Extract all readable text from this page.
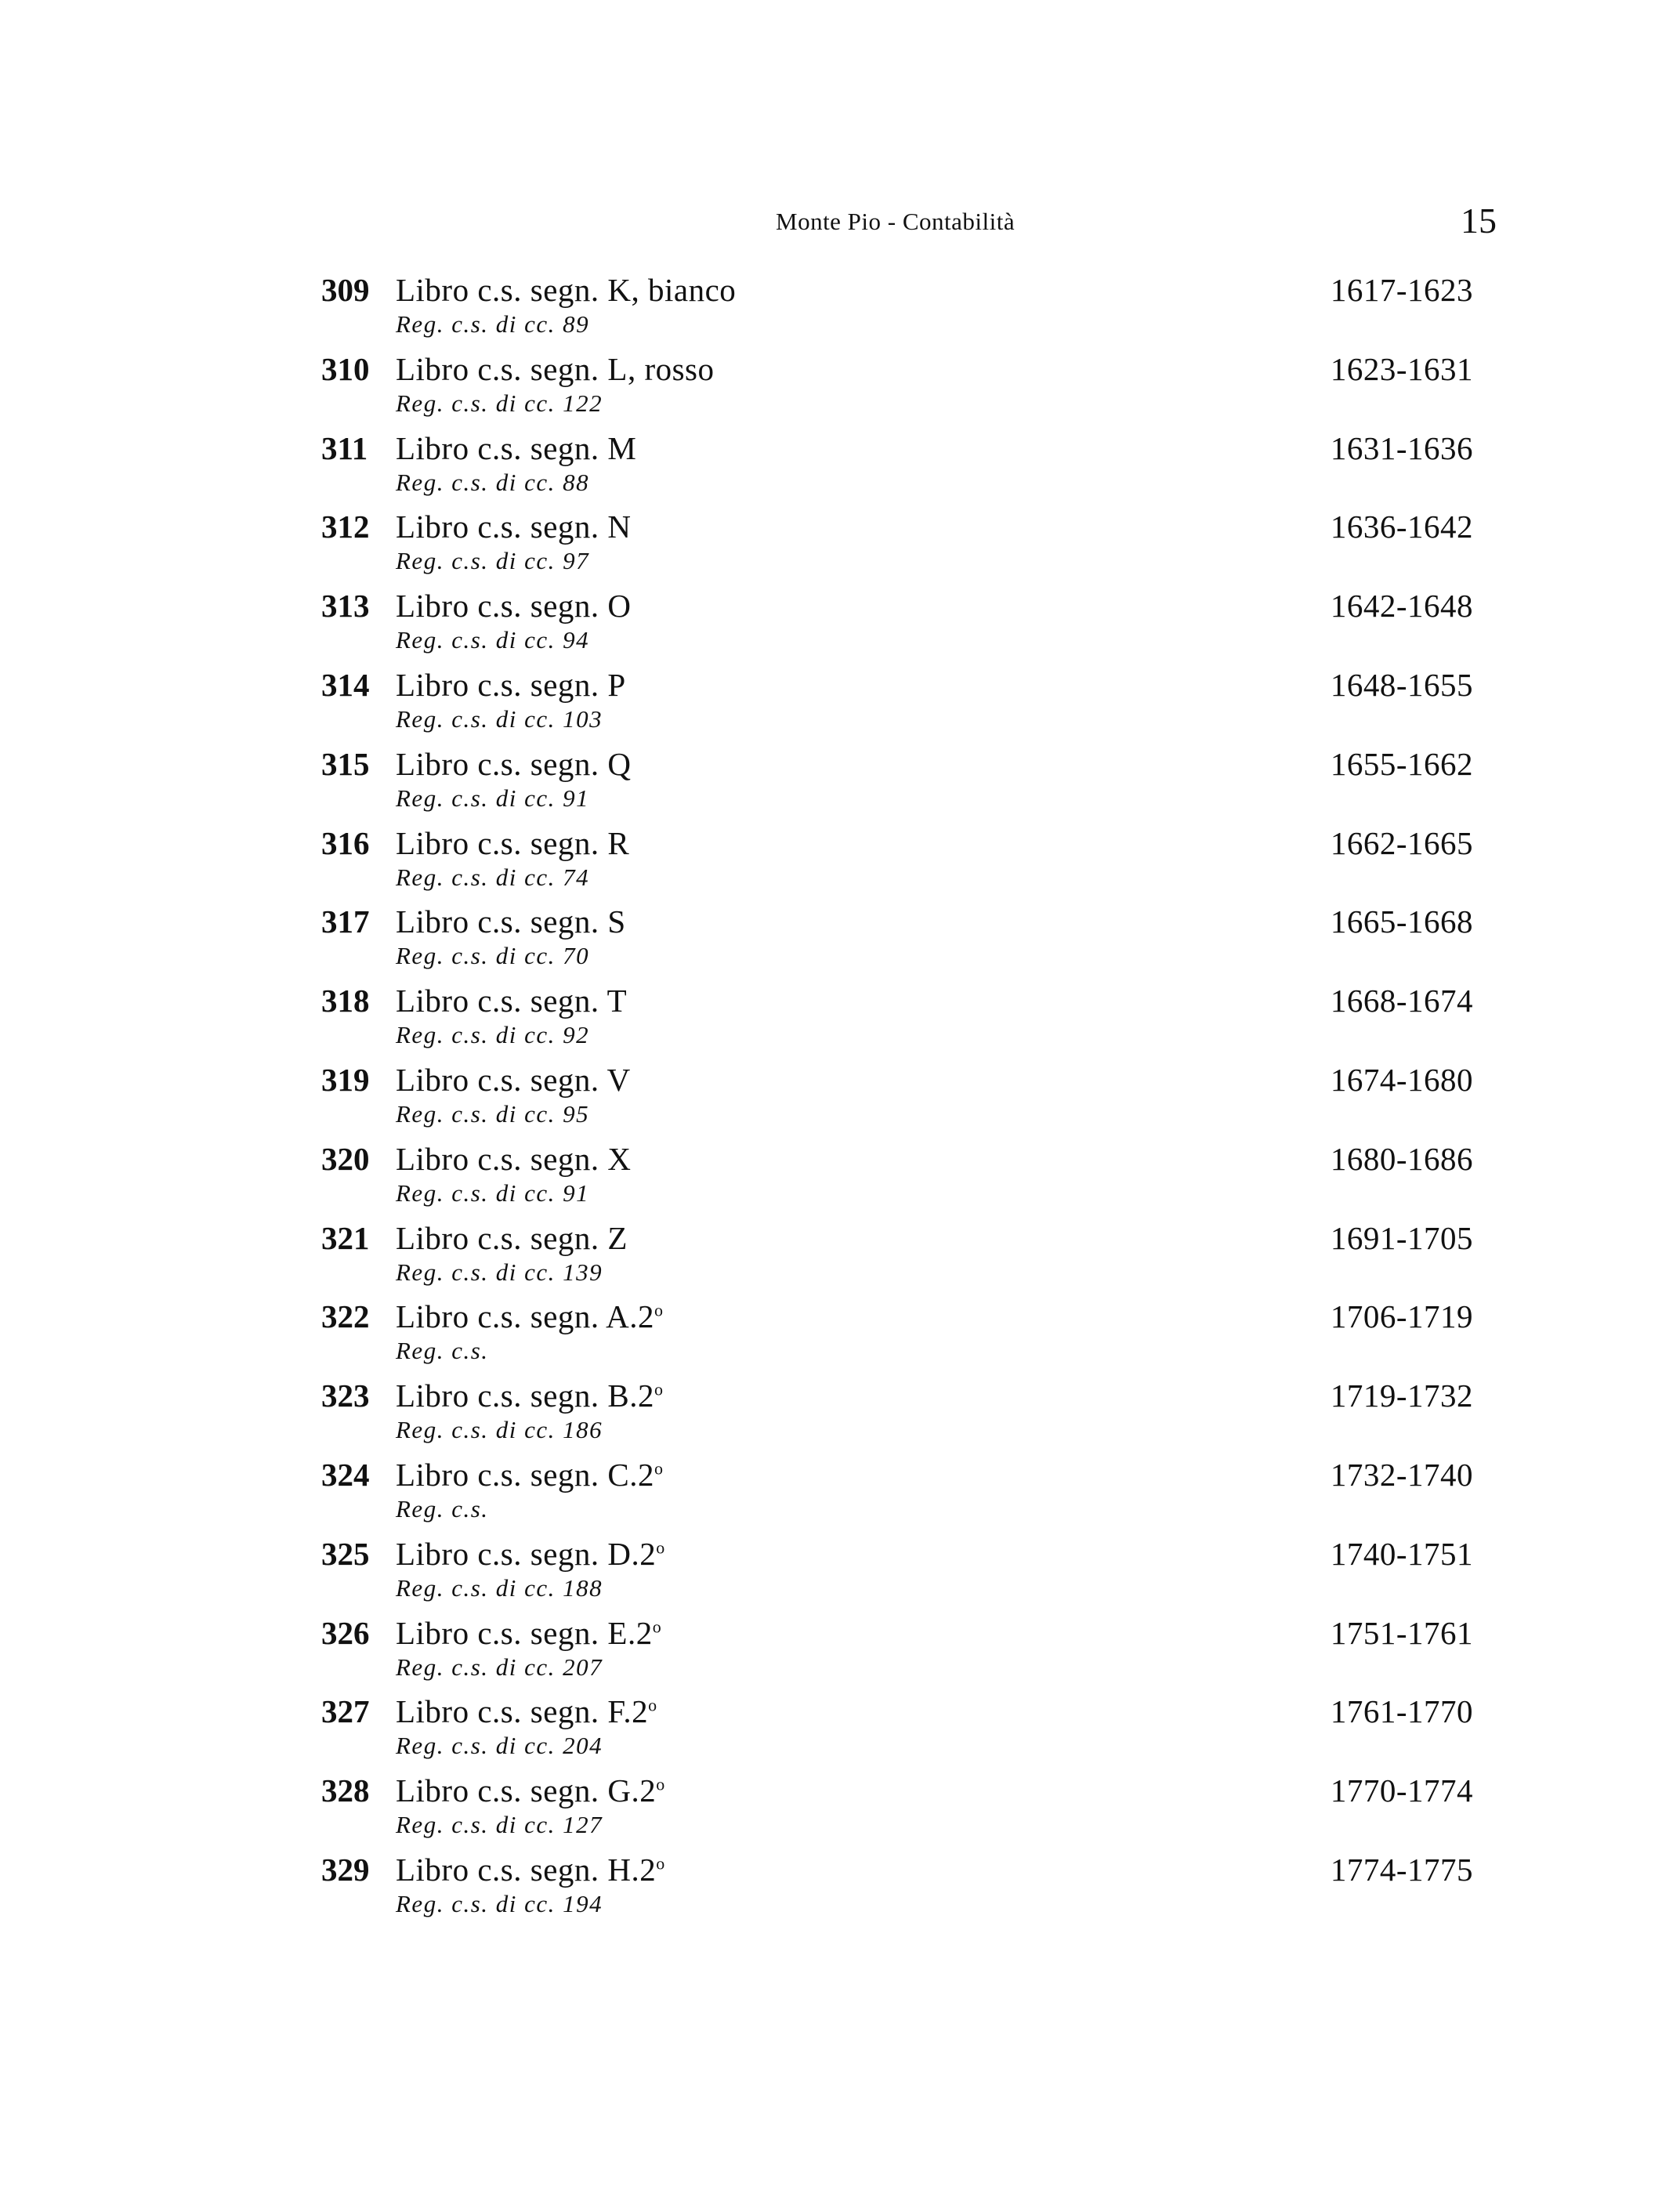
Monte Pio - Contabilità	15
309 Libro c.s. segn. K, bianco
Reg. c.s. di cc. 89
1617-1623
310 Libro c.s. segn. L, rosso
Reg. c.s. di cc. 122
1623-1631
311 Libro c.s. segn. M
Reg. c.s. di cc. 88
1631-1636
312 Libro c.s. segn. N
Reg. c.s. di cc. 97
1636-1642
313 Libro c.s. segn. O
Reg. c.s. di cc. 94
1642-1648
314 Libro c.s. segn. P
Reg. c.s. di cc. 103
1648-1655
315 Libro c.s. segn. Q
Reg. c.s. di cc. 91
1655-1662
316 Libro c.s. segn. R
Reg. c.s. di cc. 74
1662-1665
317 Libro c.s. segn. S
Reg. c.s. di cc. 70
1665-1668
318 Libro c.s. segn. T
Reg. c.s. di cc. 92
1668-1674
319 Libro c.s. segn. V
Reg. c.s. di cc. 95
1674-1680
320 Libro c.s. segn. X
Reg. c.s. di cc. 91
1680-1686
321 Libro c.s. segn. Z
Reg. c.s. di cc. 139
1691-1705
322 Libro c.s. segn. A.2$^o$
Reg. c.s.
1706-1719
323 Libro c.s. segn. B.2$^o$
Reg. c.s. di cc. 186
1719-1732
324 Libro c.s. segn. C.2$^o$
Reg. c.s.
1732-1740
325 Libro c.s. segn. D.2$^o$
Reg. c.s. di cc. 188
1740-1751
326 Libro c.s. segn. E.2$^o$
Reg. c.s. di cc. 207
1751-1761
327 Libro c.s. segn. F.2$^o$
Reg. c.s. di cc. 204
1761-1770
328 Libro c.s. segn. G.2$^o$
Reg. c.s. di cc. 127
1770-1774
329 Libro c.s. segn. H.2$^o$
Reg. c.s. di cc. 194
1774-1775
